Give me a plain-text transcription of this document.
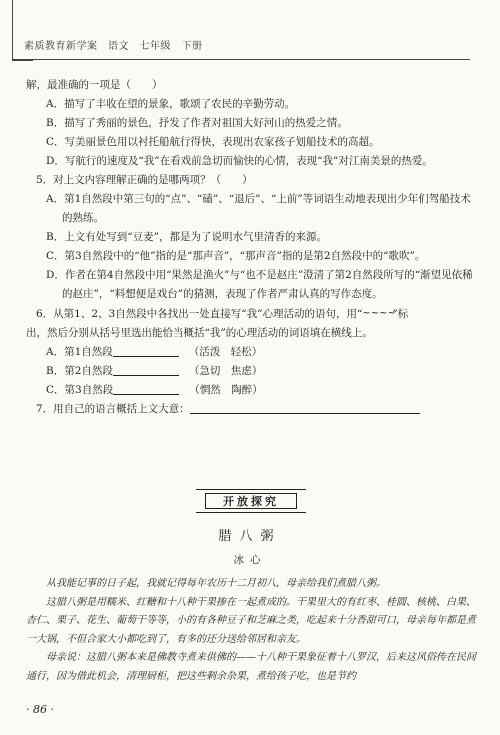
素质教育新学案　语文　七年级　下册
解，最准确的一项是（　　）
A．描写了丰收在望的景象，歌颂了农民的辛勤劳动。
B．描写了秀丽的景色，抒发了作者对祖国大好河山的热爱之情。
C．写美丽景色用以衬托船航行得快，表现出农家孩子划船技术的高超。
D．写航行的速度及“我”在看戏前急切而愉快的心情，表现“我”对江南美景的热爱。
5．对上文内容理解正确的是哪两项？（　　）
A．第1自然段中第三句的“点”、“磕”、“退后”、“上前”等词语生动地表现出少年们驾船技术的熟练。
B．上文有处写到“豆麦”，都是为了说明水气里清香的来源。
C．第3自然段中的“他”指的是“那声音”，“那声音”指的是第2自然段中的“歌吹”。
D．作者在第4自然段中用“果然是渔火”与“也不是赵庄”澄清了第2自然段所写的“渐望见依稀的赵庄”，“料想便是戏台”的猜测，表现了作者严肃认真的写作态度。
6．从第1、2、3自然段中各找出一处直接写“我”心理活动的语句，用“~~~~”标
出，然后分别从括号里选出能恰当概括“我”的心理活动的词语填在横线上。
A．第1自然段	（活泼　轻松）
B．第2自然段	（急切　焦虑）
C．第3自然段	（惘然　陶醉）
7．用自己的语言概括上文大意：
开放探究
腊八粥
冰心

从我能记事的日子起，我就记得每年农历十二月初八，母亲给我们煮腊八粥。

这腊八粥是用糯米、红糖和十八种干果掺在一起煮成的。干果里大的有红枣、桂圆、核桃、白果、杏仁、栗子、花生、葡萄干等等，小的有各种豆子和芝麻之类，吃起来十分香甜可口，母亲每年都是煮一大锅，不但合家大小都吃到了，有多的还分送给邻居和亲友。

母亲说：这腊八粥本来是佛教寺煮来供佛的——十八种干果象征着十八罗汉，后来这风俗传在民间通行，因为借此机会，清理厨柜，把这些剩余杂果，煮给孩子吃，也是节约

· 86 ·
